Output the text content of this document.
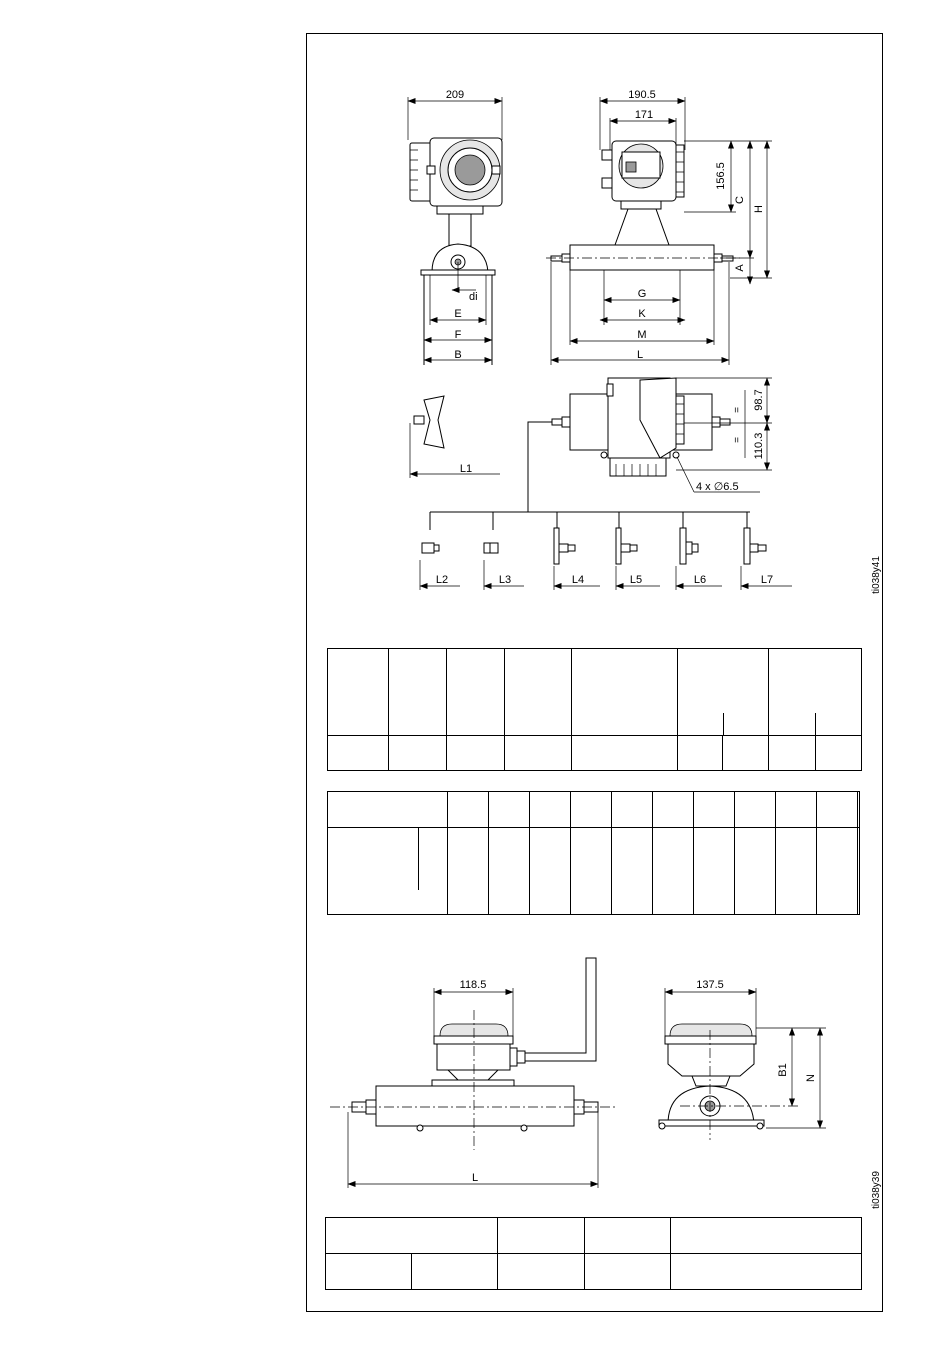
209
di
E
F
B
190.5
171
156.5
C
H
A
G
K
M
L
L1
98.7
110.3
=
=
4 x ∅6.5
L2	L3	L4	L5	L6	L7	ti038y41
118.5
L
137.5
B1
N
ti038y39
